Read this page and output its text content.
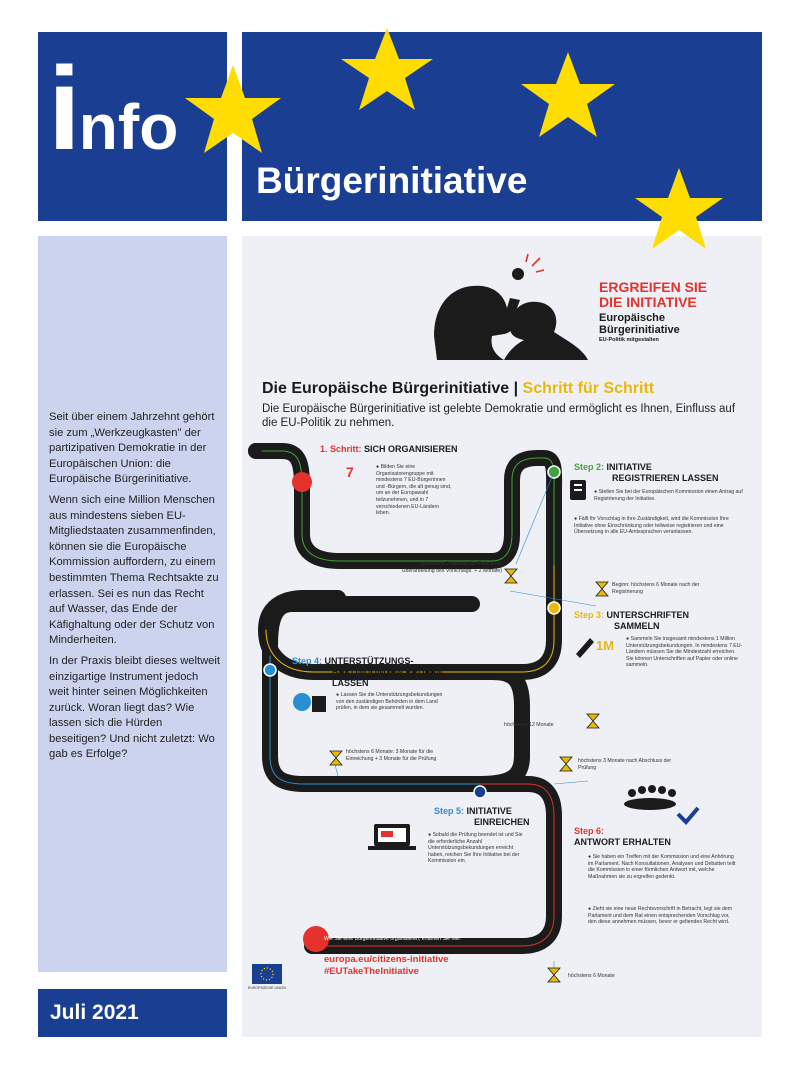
info
Bürgerinitiative

Seit über einem Jahrzehnt gehört sie zum „Werkzeugkasten" der partizipativen Demokratie in der Europäischen Union: die Europäische Bürgerinitiative.

Wenn sich eine Million Menschen aus mindestens sieben EU-Mitgliedstaaten zusammenfinden, können sie die Europäische Kommission auffordern, zu einem bestimmten Thema Rechtsakte zu erlassen. Sei es nun das Recht auf Wasser, das Ende der Käfighaltung oder der Schutz von Minderheiten.

In der Praxis bleibt dieses weltweit einzigartige Instrument jedoch weit hinter seinen Möglichkeiten zurück. Woran liegt das? Wie lassen sich die Hürden beseitigen? Und nicht zuletzt: Wo gab es Erfolge?

Juli 2021
ERGREIFEN SIE
DIE INITIATIVE
Europäische
Bürgerinitiative
EU-Politik mitgestalten
Die Europäische Bürgerinitiative | Schritt für Schritt
Die Europäische Bürgerinitiative ist gelebte Demokratie und ermöglicht es Ihnen, Einfluss auf die EU-Politik zu nehmen.
1. Schritt: SICH ORGANISIEREN
7	● Bilden Sie eine Organisatorengruppe mit mindestens 7 EU-Bürgerinnen und -Bürgern, die alt genug sind, um an der Europawahl teilzunehmen, und in 7 verschiedenen EU-Ländern leben.
Step 2: INITIATIVE
REGISTRIEREN LASSEN
● Stellen Sie bei der Europäischen Kommission einen Antrag auf Registrierung der Initiative.
● Fällt Ihr Vorschlag in ihre Zuständigkeit, wird die Kommission Ihre Initiative ohne Einschränkung oder teilweise registrieren und eine Übersetzung in alle EU-Amtssprachen veranlassen.
höchstens 2 Monate (im Falle einer Überarbeitung des Vorschlags: + 2 Monate)
Beginn: höchstens 6 Monate nach der Registrierung
Step 3: UNTERSCHRIFTEN
SAMMELN
1M ● Sammeln Sie insgesamt mindestens 1 Million Unterstützungsbekundungen. In mindestens 7 EU-Ländern müssen Sie die Mindestzahl erreichen. Sie können Unterschriften auf Papier oder online sammeln.
Step 4: UNTERSTÜTZUNGS-
BEKUNDUNGEN PRÜFEN
LASSEN
● Lassen Sie die Unterstützungsbekundungen von den zuständigen Behörden in dem Land prüfen, in dem sie gesammelt wurden.
höchstens 12 Monate
höchstens 6 Monate: 3 Monate für die Einreichung + 3 Monate für die Prüfung	höchstens 3 Monate nach Abschluss der Prüfung
Step 5: INITIATIVE
EINREICHEN
● Sobald die Prüfung beendet ist und Sie die erforderliche Anzahl Unterstützungsbekundungen erreicht haben, reichen Sie Ihre Initiative bei der Kommission ein.
Step 6:
ANTWORT ERHALTEN
● Sie haben ein Treffen mit der Kommission und eine Anhörung im Parlament. Nach Konsultationen, Analysen und Debatten teilt die Kommission in einer förmlichen Antwort mit, welche Maßnahmen sie zu ergreifen gedenkt.
● Zieht sie eine neue Rechtsvorschrift in Betracht, legt sie dem Parlament und dem Rat einen entsprechenden Vorschlag vor, den diese annehmen müssen, bevor er geltendes Recht wird.
Wie Sie eine Bürgerinitiative organisieren, erfahren Sie hier:
europa.eu/citizens-initiative
#EUTakeTheInitiative
EUROPÄISCHE UNION
höchstens 6 Monate
